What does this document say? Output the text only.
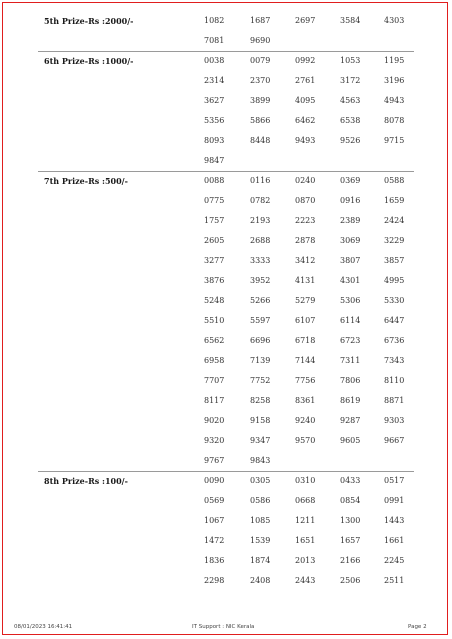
5th Prize-Rs :2000/-	1082	1687	2697	3584	4303
7081	9690
6th Prize-Rs :1000/-	0038	0079	0992	1053	1195
2314	2370	2761	3172	3196
3627	3899	4095	4563	4943
5356	5866	6462	6538	8078
8093	8448	9493	9526	9715
9847
7th Prize-Rs :500/-	0088	0116	0240	0369	0588
0775	0782	0870	0916	1659
1757	2193	2223	2389	2424
2605	2688	2878	3069	3229
3277	3333	3412	3807	3857
3876	3952	4131	4301	4995
5248	5266	5279	5306	5330
5510	5597	6107	6114	6447
6562	6696	6718	6723	6736
6958	7139	7144	7311	7343
7707	7752	7756	7806	8110
8117	8258	8361	8619	8871
9020	9158	9240	9287	9303
9320	9347	9570	9605	9667
9767	9843
8th Prize-Rs :100/-	0090	0305	0310	0433	0517
0569	0586	0668	0854	0991
1067	1085	1211	1300	1443
1472	1539	1651	1657	1661
1836	1874	2013	2166	2245
2298	2408	2443	2506	2511
08/01/2023 16:41:41	IT Support : NIC Kerala	Page 2
